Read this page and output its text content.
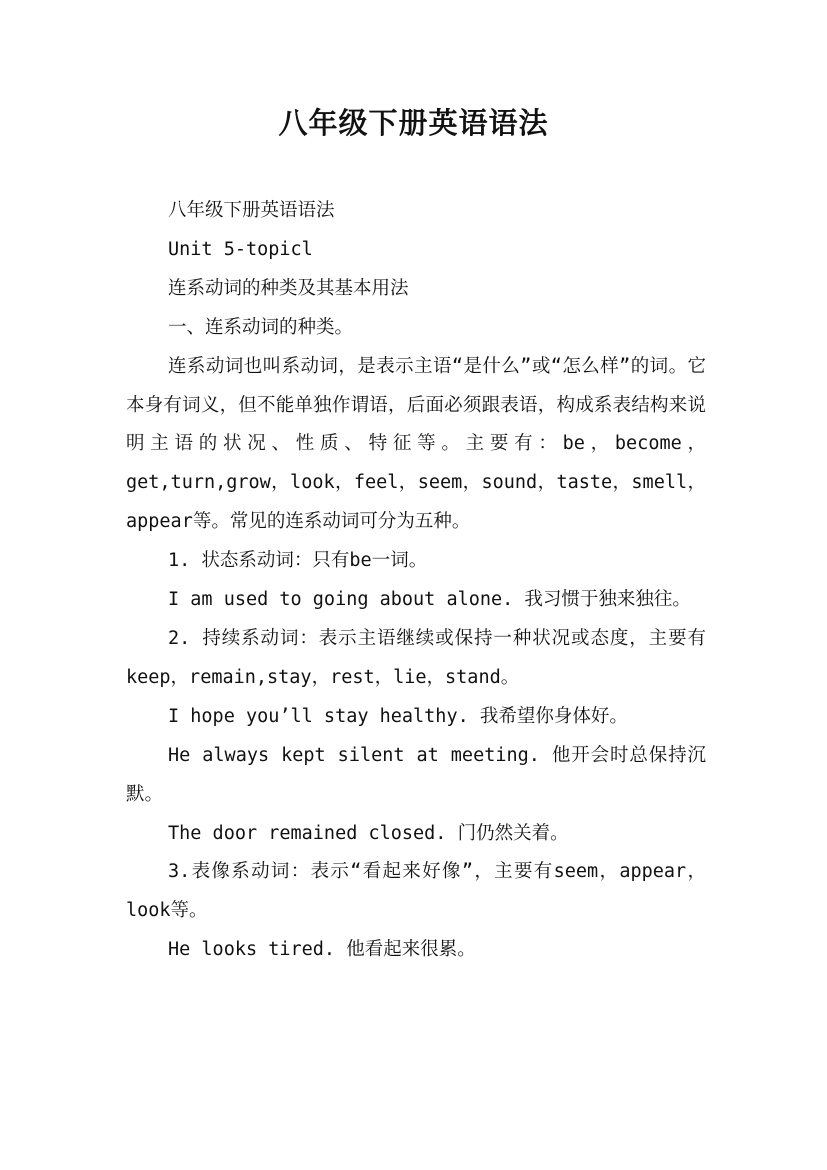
八年级下册英语语法

八年级下册英语语法

Unit 5-topicl

连系动词的种类及其基本用法

一、连系动词的种类。

连系动词也叫系动词，是表示主语“是什么”或“怎么样”的词。它本身有词义，但不能单独作谓语，后面必须跟表语，构成系表结构来说明主语的状况、性质、特征等。主要有：be，become，get,turn,grow，look，feel，seem，sound，taste，smell，appear等。常见的连系动词可分为五种。

1. 状态系动词：只有be一词。

I am used to going about alone. 我习惯于独来独往。

2. 持续系动词：表示主语继续或保持一种状况或态度，主要有keep，remain,stay，rest，lie，stand。

I hope you’ll stay healthy. 我希望你身体好。

He always kept silent at meeting. 他开会时总保持沉默。

The door remained closed. 门仍然关着。

3.表像系动词：表示“看起来好像”，主要有seem，appear，look等。

He looks tired. 他看起来很累。
